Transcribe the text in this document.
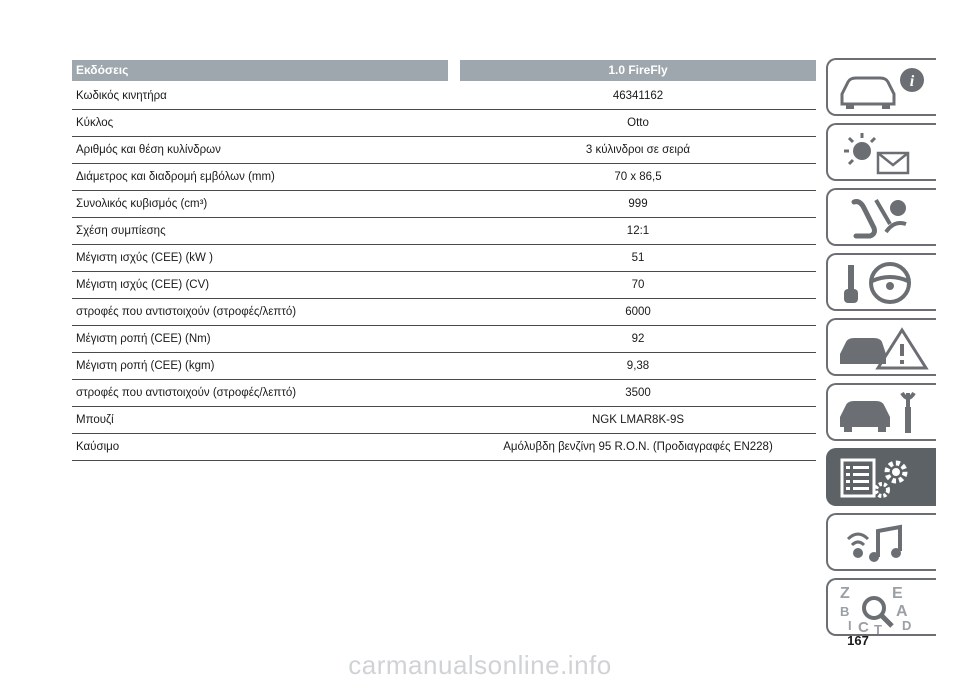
Εκδόσεις	1.0 FireFly
Κωδικός κινητήρα	46341162
Κύκλος	Otto
Αριθμός και θέση κυλίνδρων	3 κύλινδροι σε σειρά
Διάμετρος και διαδρομή εμβόλων (mm)	70 x 86,5
Συνολικός κυβισμός (cm³)	999
Σχέση συμπίεσης	12:1
Μέγιστη ισχύς (CEE) (kW )	51
Μέγιστη ισχύς (CEE) (CV)	70
στροφές που αντιστοιχούν (στροφές/λεπτό)	6000
Μέγιστη ροπή (CEE) (Nm)	92
Μέγιστη ροπή (CEE) (kgm)	9,38
στροφές που αντιστοιχούν (στροφές/λεπτό)	3500
Μπουζί	NGK LMAR8K-9S
Καύσιμο	Αμόλυβδη βενζίνη 95 R.O.N. (Προδιαγραφές EN228)
i
Z	E
B	A
I C T D
167
carmanualsonline.info
